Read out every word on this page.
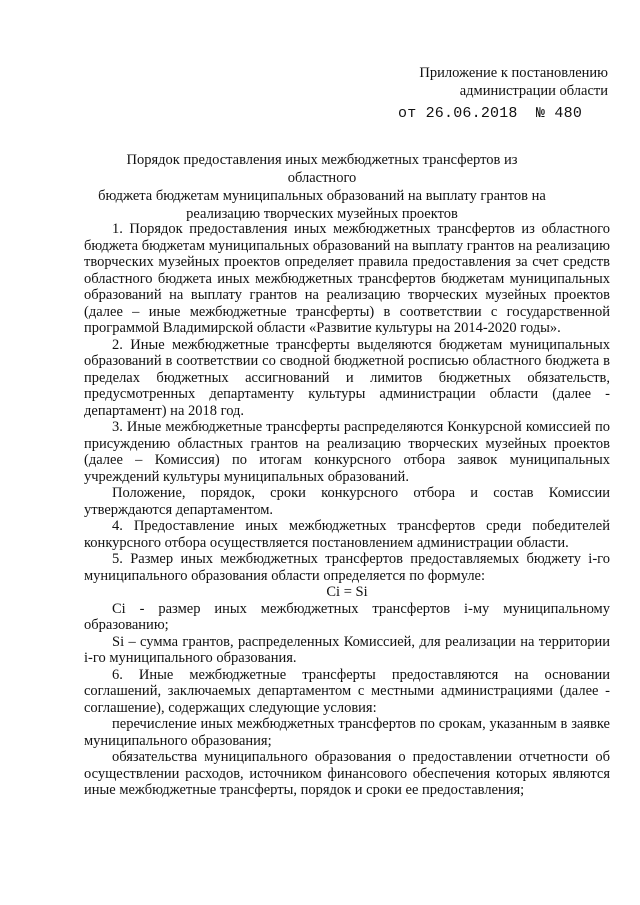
Приложение к постановлению
администрации области
от 26.06.2018  № 480
Порядок предоставления иных межбюджетных трансфертов из областного
бюджета бюджетам муниципальных образований на выплату грантов на
реализацию творческих музейных проектов

1. Порядок предоставления иных межбюджетных трансфертов из областного бюджета бюджетам муниципальных образований на выплату грантов на реализацию творческих музейных проектов определяет правила предоставления за счет средств областного бюджета иных межбюджетных трансфертов бюджетам муниципальных образований на выплату грантов на реализацию творческих музейных проектов (далее – иные межбюджетные трансферты) в соответствии с государственной программой Владимирской области «Развитие культуры на 2014-2020 годы».

2. Иные межбюджетные трансферты выделяются бюджетам муниципальных образований в соответствии со сводной бюджетной росписью областного бюджета в пределах бюджетных ассигнований и лимитов бюджетных обязательств, предусмотренных департаменту культуры администрации области (далее - департамент) на 2018 год.

3. Иные межбюджетные трансферты распределяются Конкурсной комиссией по присуждению областных грантов на реализацию творческих музейных проектов (далее – Комиссия) по итогам конкурсного отбора заявок муниципальных учреждений культуры муниципальных образований.

Положение, порядок, сроки конкурсного отбора и состав Комиссии утверждаются департаментом.

4. Предоставление иных межбюджетных трансфертов среди победителей конкурсного отбора осуществляется постановлением администрации области.

5. Размер иных межбюджетных трансфертов предоставляемых бюджету i-го муниципального образования области определяется по формуле:

Ci = Si

Ci - размер иных межбюджетных трансфертов i-му муниципальному образованию;

Si – сумма грантов, распределенных Комиссией, для реализации на территории i-го муниципального образования.

6. Иные межбюджетные трансферты предоставляются на основании соглашений, заключаемых департаментом с местными администрациями (далее - соглашение), содержащих следующие условия:

перечисление иных межбюджетных трансфертов по срокам, указанным в заявке муниципального образования;

обязательства муниципального образования о предоставлении отчетности об осуществлении расходов, источником финансового обеспечения которых являются иные межбюджетные трансферты, порядок и сроки ее предоставления;
